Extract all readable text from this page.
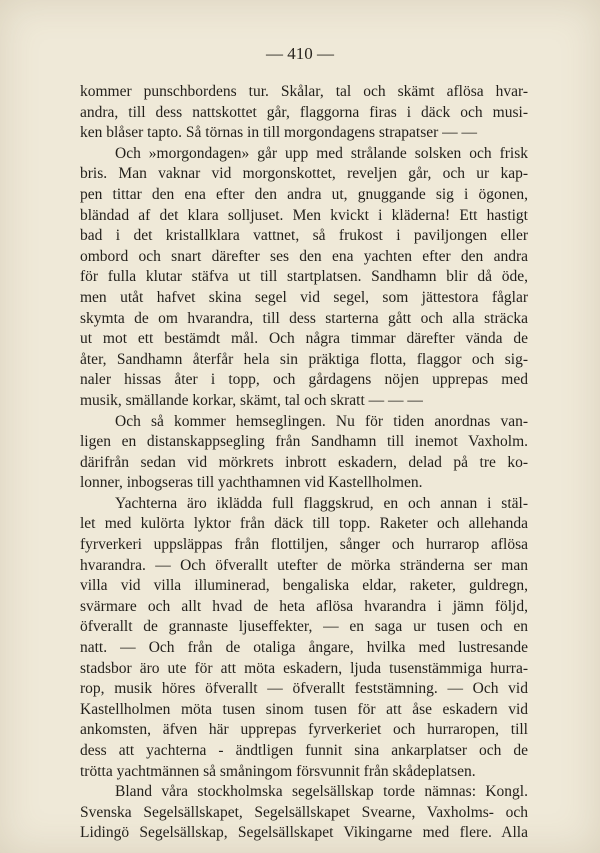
— 410 —
kommer punschbordens tur. Skålar, tal och skämt aflösa hvar-
andra, till dess nattskottet går, flaggorna firas i däck och musi-
ken blåser tapto. Så törnas in till morgondagens strapatser — —
Och »morgondagen» går upp med strålande solsken och frisk
bris. Man vaknar vid morgonskottet, reveljen går, och ur kap-
pen tittar den ena efter den andra ut, gnuggande sig i ögonen,
bländad af det klara solljuset. Men kvickt i kläderna! Ett hastigt
bad i det kristallklara vattnet, så frukost i paviljongen eller
ombord och snart därefter ses den ena yachten efter den andra
för fulla klutar stäfva ut till startplatsen. Sandhamn blir då öde,
men utåt hafvet skina segel vid segel, som jättestora fåglar
skymta de om hvarandra, till dess starterna gått och alla sträcka
ut mot ett bestämdt mål. Och några timmar därefter vända de
åter, Sandhamn återfår hela sin präktiga flotta, flaggor och sig-
naler hissas åter i topp, och gårdagens nöjen upprepas med
musik, smällande korkar, skämt, tal och skratt — — —
Och så kommer hemseglingen. Nu för tiden anordnas van-
ligen en distanskappsegling från Sandhamn till inemot Vaxholm.
därifrån sedan vid mörkrets inbrott eskadern, delad på tre ko-
lonner, inbogseras till yachthamnen vid Kastellholmen.
Yachterna äro iklädda full flaggskrud, en och annan i stäl-
let med kulörta lyktor från däck till topp. Raketer och allehanda
fyrverkeri uppsläppas från flottiljen, sånger och hurrarop aflösa
hvarandra. — Och öfverallt utefter de mörka stränderna ser man
villa vid villa illuminerad, bengaliska eldar, raketer, guldregn,
svärmare och allt hvad de heta aflösa hvarandra i jämn följd,
öfverallt de grannaste ljuseffekter, — en saga ur tusen och en
natt. — Och från de otaliga ångare, hvilka med lustresande
stadsbor äro ute för att möta eskadern, ljuda tusenstämmiga hurra-
rop, musik höres öfverallt — öfverallt feststämning. — Och vid
Kastellholmen möta tusen sinom tusen för att åse eskadern vid
ankomsten, äfven här upprepas fyrverkeriet och hurraropen, till
dess att yachterna - ändtligen funnit sina ankarplatser och de
trötta yachtmännen så småningom försvunnit från skådeplatsen.
Bland våra stockholmska segelsällskap torde nämnas: Kongl.
Svenska Segelsällskapet, Segelsällskapet Svearne, Vaxholms- och
Lidingö Segelsällskap, Segelsällskapet Vikingarne med flere. Alla
